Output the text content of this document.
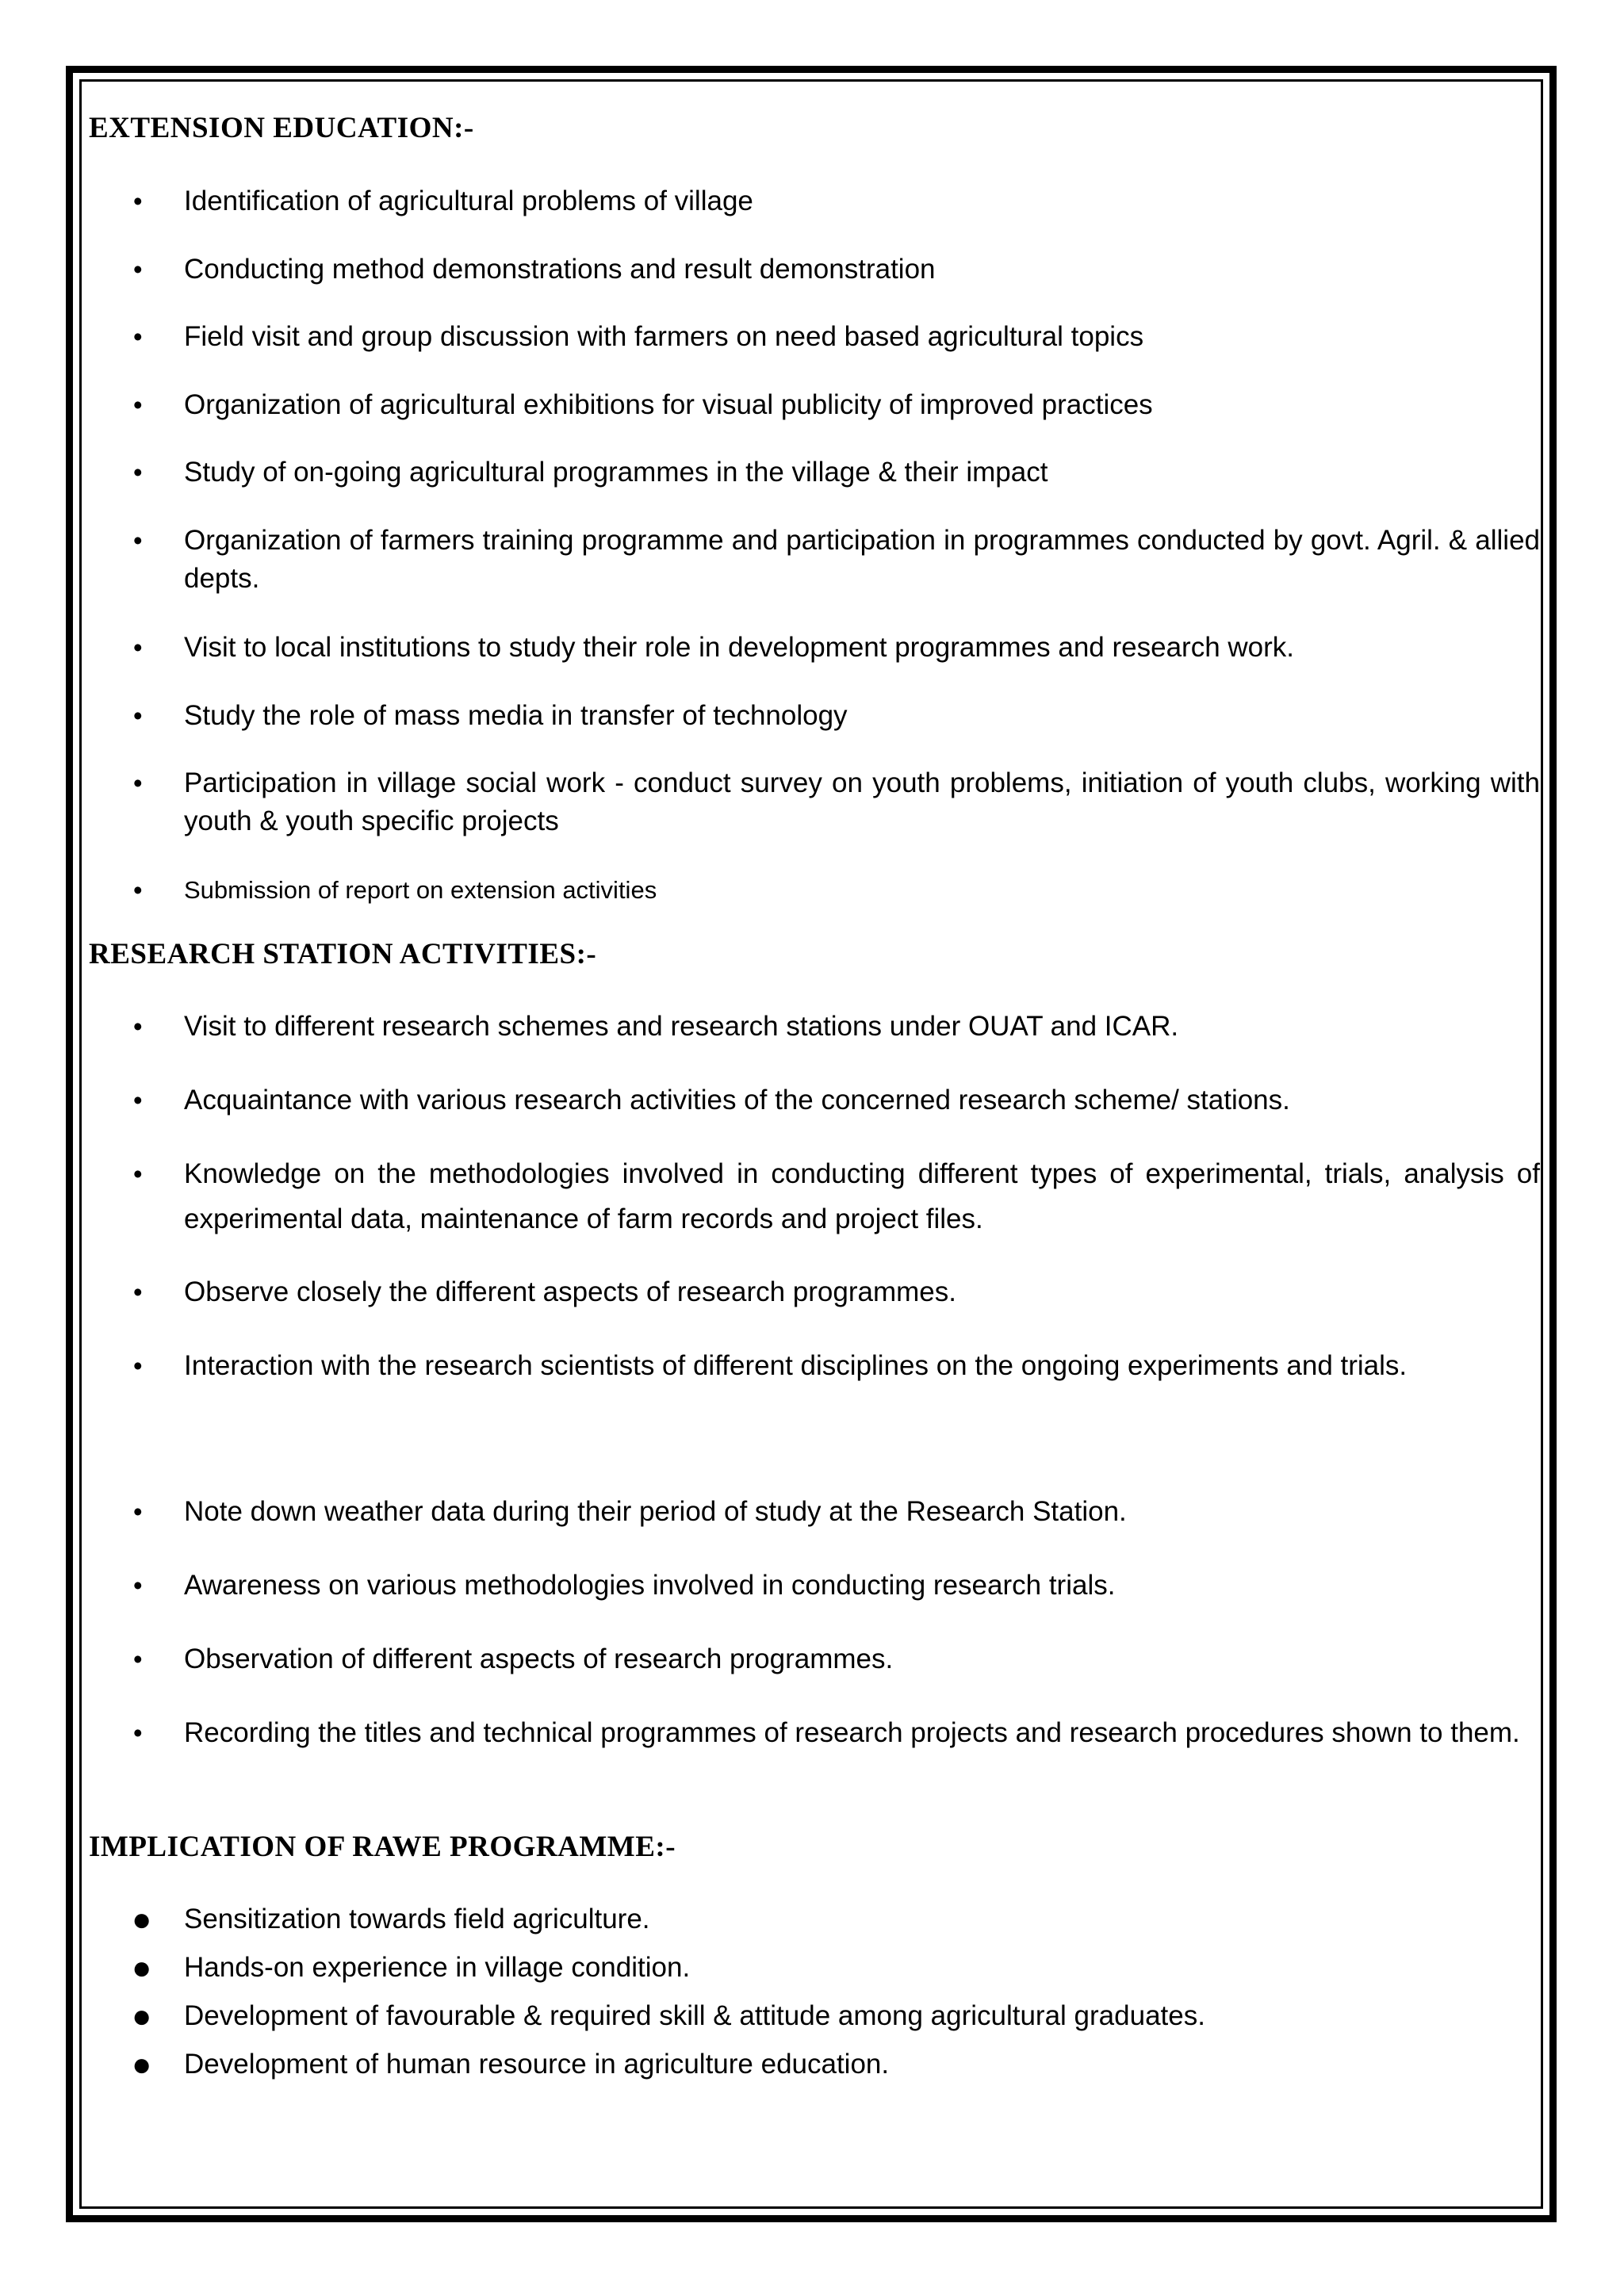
EXTENSION EDUCATION:-
• Identification of agricultural problems of village
• Conducting method demonstrations and result demonstration
• Field visit and group discussion with farmers on need based agricultural topics
• Organization of agricultural exhibitions for visual publicity of improved practices
• Study of on-going agricultural programmes in the village & their impact
• Organization of farmers training programme and participation in programmes conducted by govt. Agril. & allied depts.
• Visit to local institutions to study their role in development programmes and research work.
• Study the role of mass media in transfer of technology
• Participation in village social work - conduct survey on youth problems, initiation of youth clubs, working with youth & youth specific projects
• Submission of report on extension activities
RESEARCH STATION ACTIVITIES:-
• Visit to different research schemes and research stations under OUAT and ICAR.
• Acquaintance with various research activities of the concerned research scheme/ stations.
• Knowledge on the methodologies involved in conducting different types of experimental, trials, analysis of experimental data, maintenance of farm records and project files.
• Observe closely the different aspects of research programmes.
• Interaction with the research scientists of different disciplines on the ongoing experiments and trials.
• Note down weather data during their period of study at the Research Station.
• Awareness on various methodologies involved in conducting research trials.
• Observation of different aspects of research programmes.
• Recording the titles and technical programmes of research projects and research procedures shown to them.
IMPLICATION OF RAWE PROGRAMME:-
● Sensitization towards field agriculture.
● Hands-on experience in village condition.
● Development of favourable & required skill & attitude among agricultural graduates.
● Development of human resource in agriculture education.
